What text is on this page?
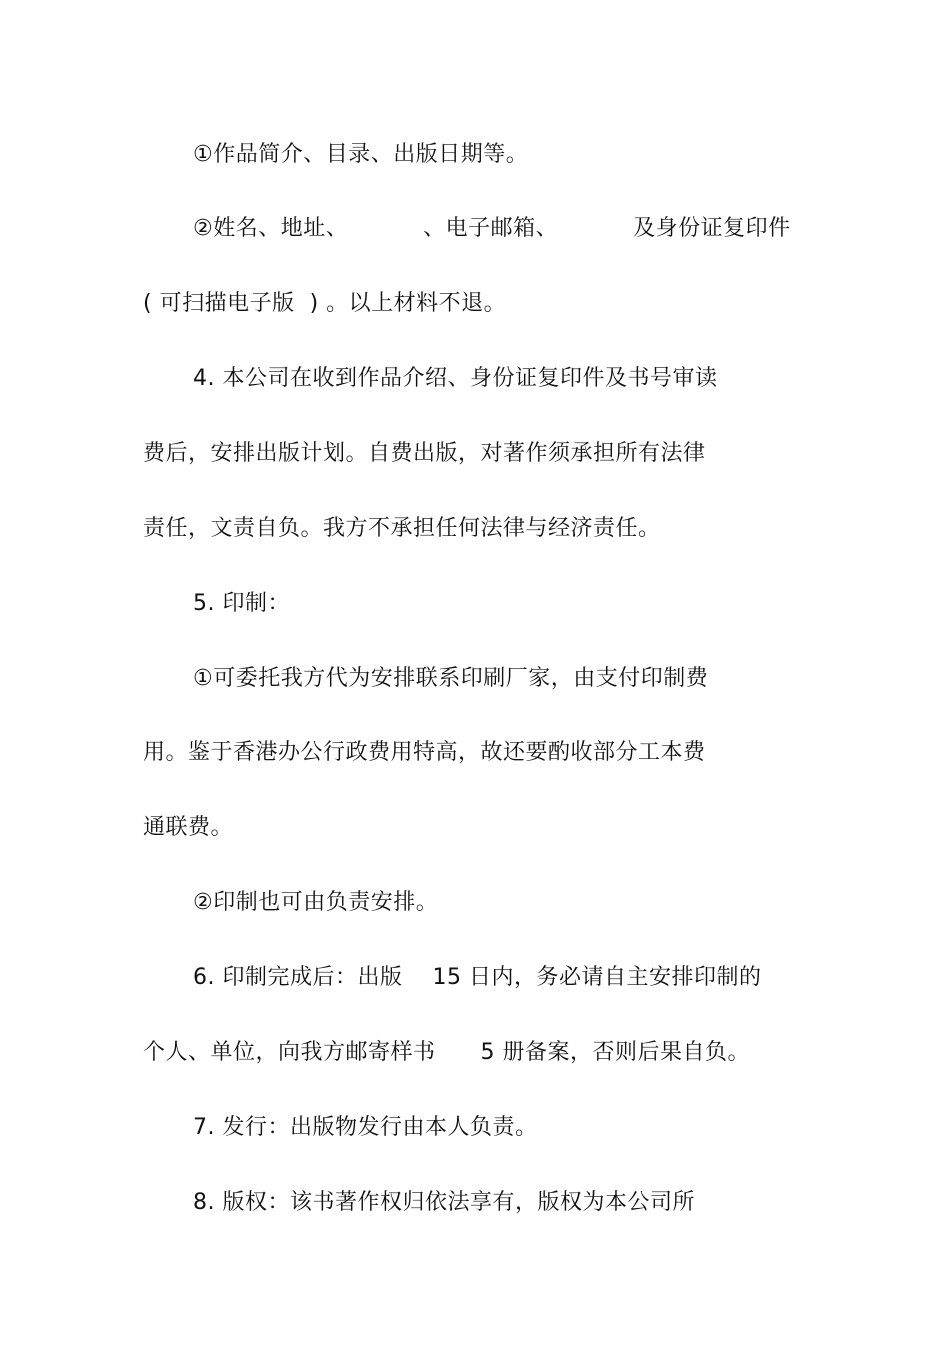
①作品简介、目录、出版日期等。
②姓名、地址、          、电子邮箱、          及身份证复印件
( 可扫描电子版  ) 。以上材料不退。
4. 本公司在收到作品介绍、身份证复印件及书号审读
费后，安排出版计划。自费出版，对著作须承担所有法律
责任，文责自负。我方不承担任何法律与经济责任。
5. 印制：
①可委托我方代为安排联系印刷厂家，由支付印制费
用。鉴于香港办公行政费用特高，故还要酌收部分工本费
通联费。
②印制也可由负责安排。
6. 印制完成后：出版    15 日内，务必请自主安排印制的
个人、单位，向我方邮寄样书      5 册备案，否则后果自负。
7. 发行：出版物发行由本人负责。
8. 版权：该书著作权归依法享有，版权为本公司所
